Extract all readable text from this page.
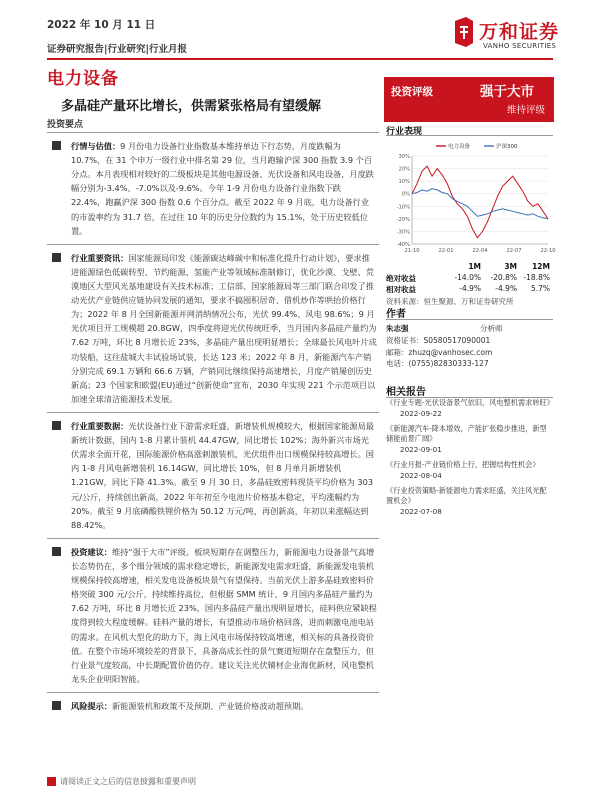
2022 年 10 月 11 日
证券研究报告|行业研究|行业月报
万和证券
VANHO SECURITIES
电力设备
多晶硅产量环比增长，供需紧张格局有望缓解
投资要点
行情与估值：9 月份电力设备行业指数基本维持单边下行态势，月度跌幅为 10.7%，在 31 个申万一级行业中排名第 29 位，当月跑输沪深 300 指数 3.9 个百分点。本月表现相对较好的二级板块是其他电源设备、光伏设备和风电设备，月度跌幅分别为-3.4%、-7.0%以及-9.6%。今年 1-9 月份电力设备行业指数下跌 22.4%，跑赢沪深 300 指数 0.6 个百分点。截至 2022 年 9 月底，电力设备行业的市盈率约为 31.7 倍，在过往 10 年的历史分位数约为 15.1%，处于历史较低位置。
行业重要资讯：国家能源局印发《能源碳达峰碳中和标准化提升行动计划》，要求推进能源绿色低碳转型、节约能源、氢能产业等领域标准制修订，优化沙漠、戈壁、荒漠地区大型风光基地建设有关技术标准；工信部、国家能源局等三部门联合印发了推动光伏产业链供应链协同发展的通知，要求不搞囤积居奇、借机炒作等哄抬价格行为；2022 年 8 月全国新能源并网消纳情况公布，光伏 99.4%、风电 98.6%；9 月光伏项目开工规模超 20.8GW，四季度将迎光伏传统旺季，当月国内多晶硅产量约为 7.62 万吨，环比 8 月增长近 23%，多晶硅产量出现明显增长；全球最长风电叶片成功装船，这往盐城大丰试验场试装，长达 123 米；2022 年 8 月，新能源汽车产销分别完成 69.1 万辆和 66.6 万辆，产销同比继续保持高速增长，月度产销屡创历史新高；23 个国家和欧盟(EU)通过“创新使命”宣布，2030 年实现 221 个示范项目以加速全球清洁能源技术发展。
行业重要数据：光伏设备行业下游需求旺盛，新增装机规模较大，根据国家能源局最新统计数据，国内 1-8 月累计装机 44.47GW，同比增长 102%；海外新兴市场光伏需求全面开花，国际能源价格高涨刺激装机，光伏组件出口规模保持较高增长。国内 1-8 月风电新增装机 16.14GW，同比增长 10%，但 8 月单月新增装机 1.21GW，同比下降 41.3%。截至 9 月 30 日，多晶硅致密料现货平均价格为 303 元/公斤，持续创出新高，2022 年年初至今电池片价格基本稳定，平均涨幅约为 20%。截至 9 月底磷酸铁锂价格为 50.12 万元/吨，再创新高，年初以来涨幅达到 88.42%。
投资建议：维持“强于大市”评级。板块短期存在调整压力，新能源电力设备景气高增长态势仍在，多个细分领域的需求稳定增长，新能源发电需求旺盛，新能源发电装机规模保持较高增速，相关发电设备板块景气有望保持。当前光伏上游多晶硅致密料价格突破 300 元/公斤，持续维持高位，但根据 SMM 统计，9 月国内多晶硅产量约为 7.62 万吨，环比 8 月增长近 23%，国内多晶硅产量出现明显增长，硅料供应紧缺程度得到较大程度缓解。硅料产量的增长，有望推动市场价格回落，进而刺激电池电站的需求。在风机大型化的助力下，海上风电市场保持较高增速，相关标的具备投资价值。在整个市场环境较差的背景下，具备高成长性的景气赛道短期存在盘整压力，但行业景气度较高，中长期配置价值仍存。建议关注光伏辅材企业海优新材，风电整机龙头企业明阳智能。
风险提示：新能源装机和政策不及预期、产业链价格波动超预期。
投资评级	强于大市
维持评级
行业表现
-40%
-30%
-20%
-10%
0%
10%
20%
30%
21-10	22-01	22-04	22-07	22-10
电力设备	沪深300
1M	3M	12M
绝对收益	-14.0%	-20.8% -18.8%
相对收益	-4.9%	-4.9%	5.7%
资料来源：恒生聚源、万和证券研究所
作者
朱志强	分析师
资格证书：S0580517090001
邮箱：zhuzq@vanhosec.com
电话：(0755)82830333-127
相关报告
《行业专题-光伏设备景气依旧，风电整机需求转旺》
2022-09-22
《新能源汽车-降本增效，产能扩张稳步推进，新型储能前景广阔》
2022-09-01
《行业月报-产业链价格上行，把握结构性机会》
2022-08-04
《行业投资策略-新能源电力需求旺盛，关注风光配置机会》
2022-07-08
请阅读正文之后的信息披露和重要声明
